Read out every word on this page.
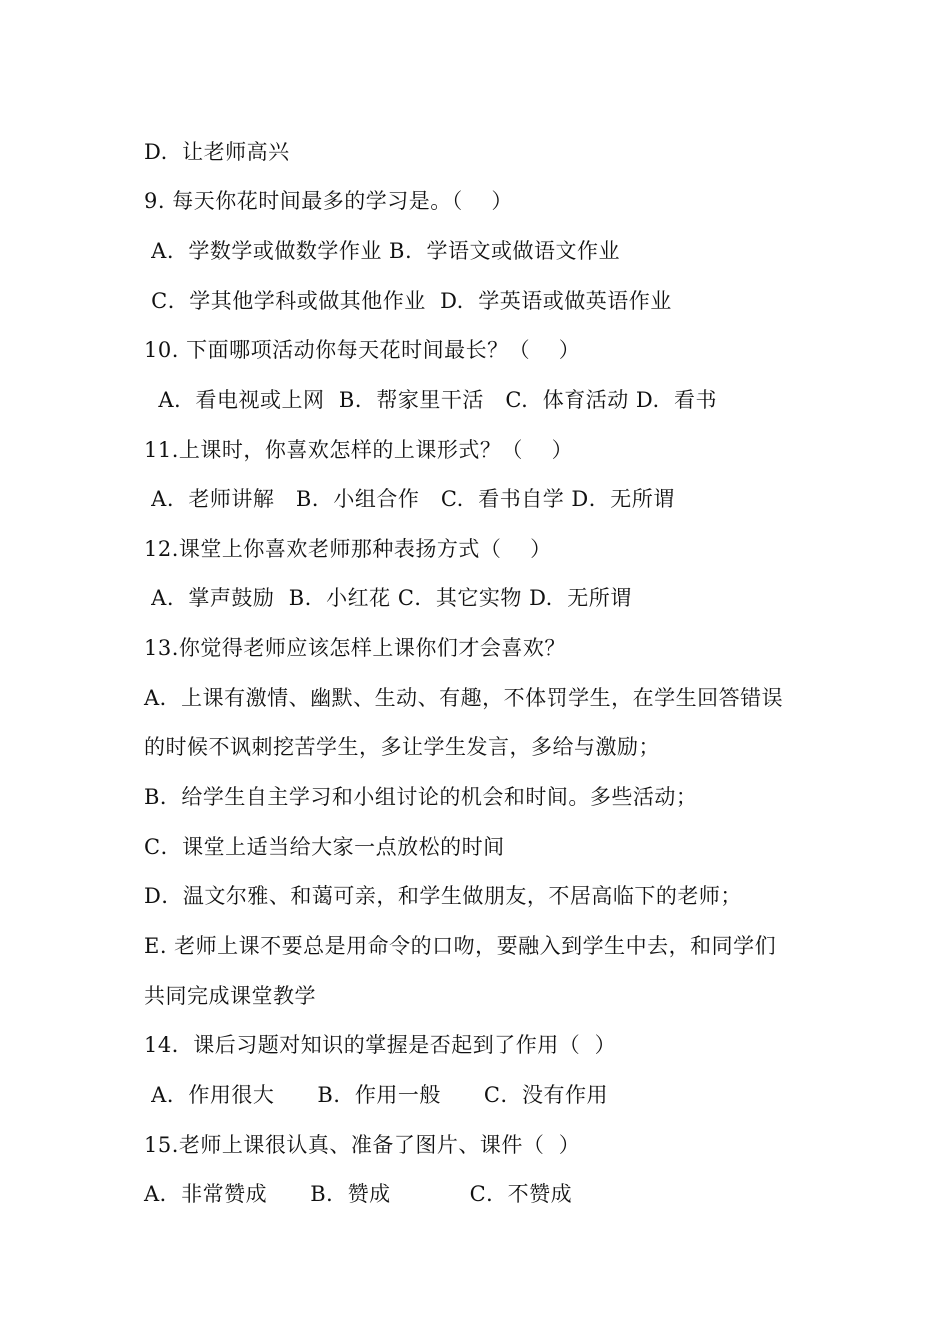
D.  让老师高兴
9. 每天你花时间最多的学习是。（    ）
A.  学数学或做数学作业 B.  学语文或做语文作业
C．学其他学科或做其他作业  D.  学英语或做英语作业
10. 下面哪项活动你每天花时间最长？（    ）
A.  看电视或上网  B．帮家里干活   C.  体育活动 D.  看书
11.上课时，你喜欢怎样的上课形式？（    ）
A.  老师讲解   B．小组合作   C.  看书自学 D．无所谓
12.课堂上你喜欢老师那种表扬方式（    ）
A.  掌声鼓励  B.  小红花 C．其它实物 D.  无所谓
13.你觉得老师应该怎样上课你们才会喜欢？
A．上课有激情、幽默、生动、有趣，不体罚学生，在学生回答错误
的时候不讽刺挖苦学生，多让学生发言，多给与激励；
B．给学生自主学习和小组讨论的机会和时间。多些活动；
C．课堂上适当给大家一点放松的时间
D．温文尔雅、和蔼可亲，和学生做朋友，不居高临下的老师；
E. 老师上课不要总是用命令的口吻，要融入到学生中去，和同学们
共同完成课堂教学
14．课后习题对知识的掌握是否起到了作用（  ）
A．作用很大      B．作用一般      C．没有作用
15.老师上课很认真、准备了图片、课件（  ）
A．非常赞成      B．赞成           C．不赞成
